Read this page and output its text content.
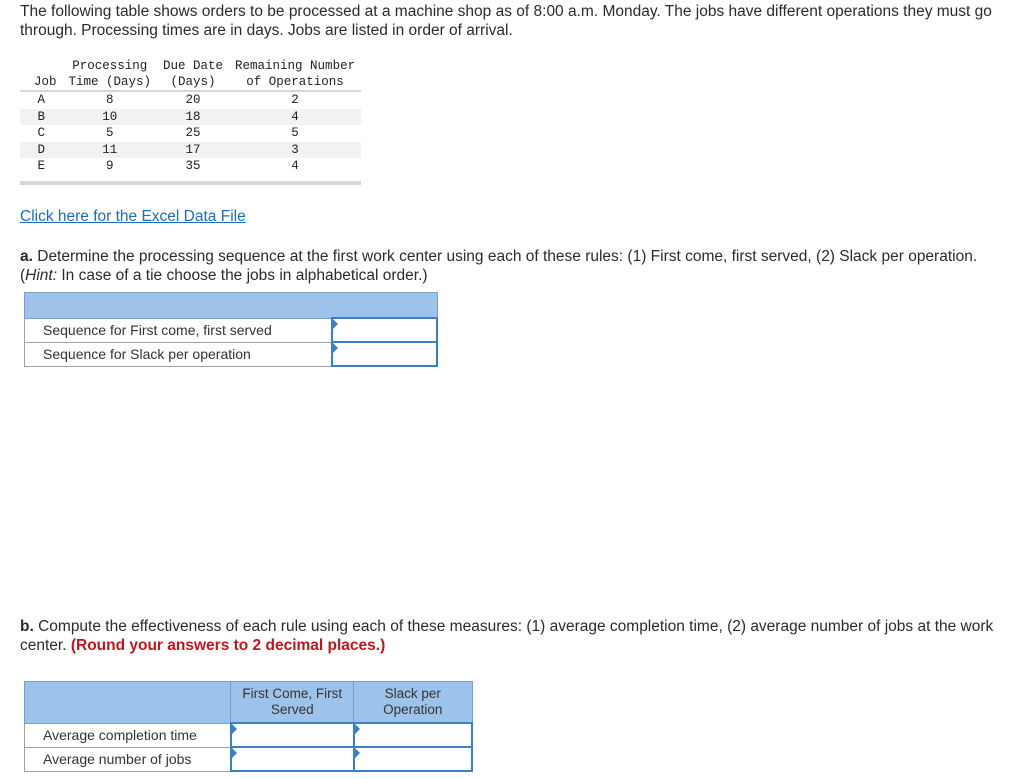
The following table shows orders to be processed at a machine shop as of 8:00 a.m. Monday. The jobs have different operations they must go through. Processing times are in days. Jobs are listed in order of arrival.

	Processing	Due Date	Remaining Number
Job	Time (Days)	(Days)	of Operations
A	8	20	2
B	10	18	4
C	5	25	5
D	11	17	3
E	9	35	4
Click here for the Excel Data File

a. Determine the processing sequence at the first work center using each of these rules: (1) First come, first served, (2) Slack per operation. (Hint: In case of a tie choose the jobs in alphabetical order.)

Sequence for First come, first served	
Sequence for Slack per operation	

b. Compute the effectiveness of each rule using each of these measures: (1) average completion time, (2) average number of jobs at the work center. (Round your answers to 2 decimal places.)

	First Come, First Served	Slack per Operation
Average completion time		
Average number of jobs		
